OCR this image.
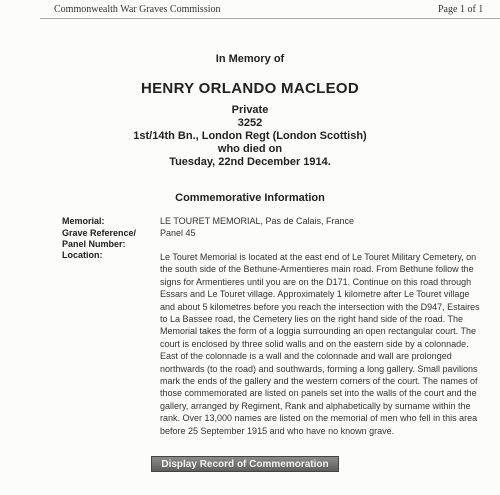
Commonwealth War Graves Commission	Page 1 of 1
In Memory of
HENRY ORLANDO MACLEOD
Private
3252
1st/14th Bn., London Regt (London Scottish)
who died on
Tuesday, 22nd December 1914.
Commemorative Information
Memorial:	LE TOURET MEMORIAL, Pas de Calais, France
Grave Reference/	Panel 45
Panel Number:
Location:	Le Touret Memorial is located at the east end of Le Touret Military Cemetery, on the south side of the Bethune-Armentieres main road. From Bethune follow the signs for Armentieres until you are on the D171. Continue on this road through Essars and Le Touret village. Approximately 1 kilometre after Le Touret village and about 5 kilometres before you reach the intersection with the D947, Estaires to La Bassee road, the Cemetery lies on the right hand side of the road. The Memorial takes the form of a loggia surrounding an open rectangular court. The court is enclosed by three solid walls and on the eastern side by a colonnade. East of the colonnade is a wall and the colonnade and wall are prolonged northwards (to the road) and southwards, forming a long gallery. Small pavilions mark the ends of the gallery and the western corners of the court. The names of those commemorated are listed on panels set into the walls of the court and the gallery, arranged by Regiment, Rank and alphabetically by surname within the rank. Over 13,000 names are listed on the memorial of men who fell in this area before 25 September 1915 and who have no known grave.
Display Record of Commemoration
